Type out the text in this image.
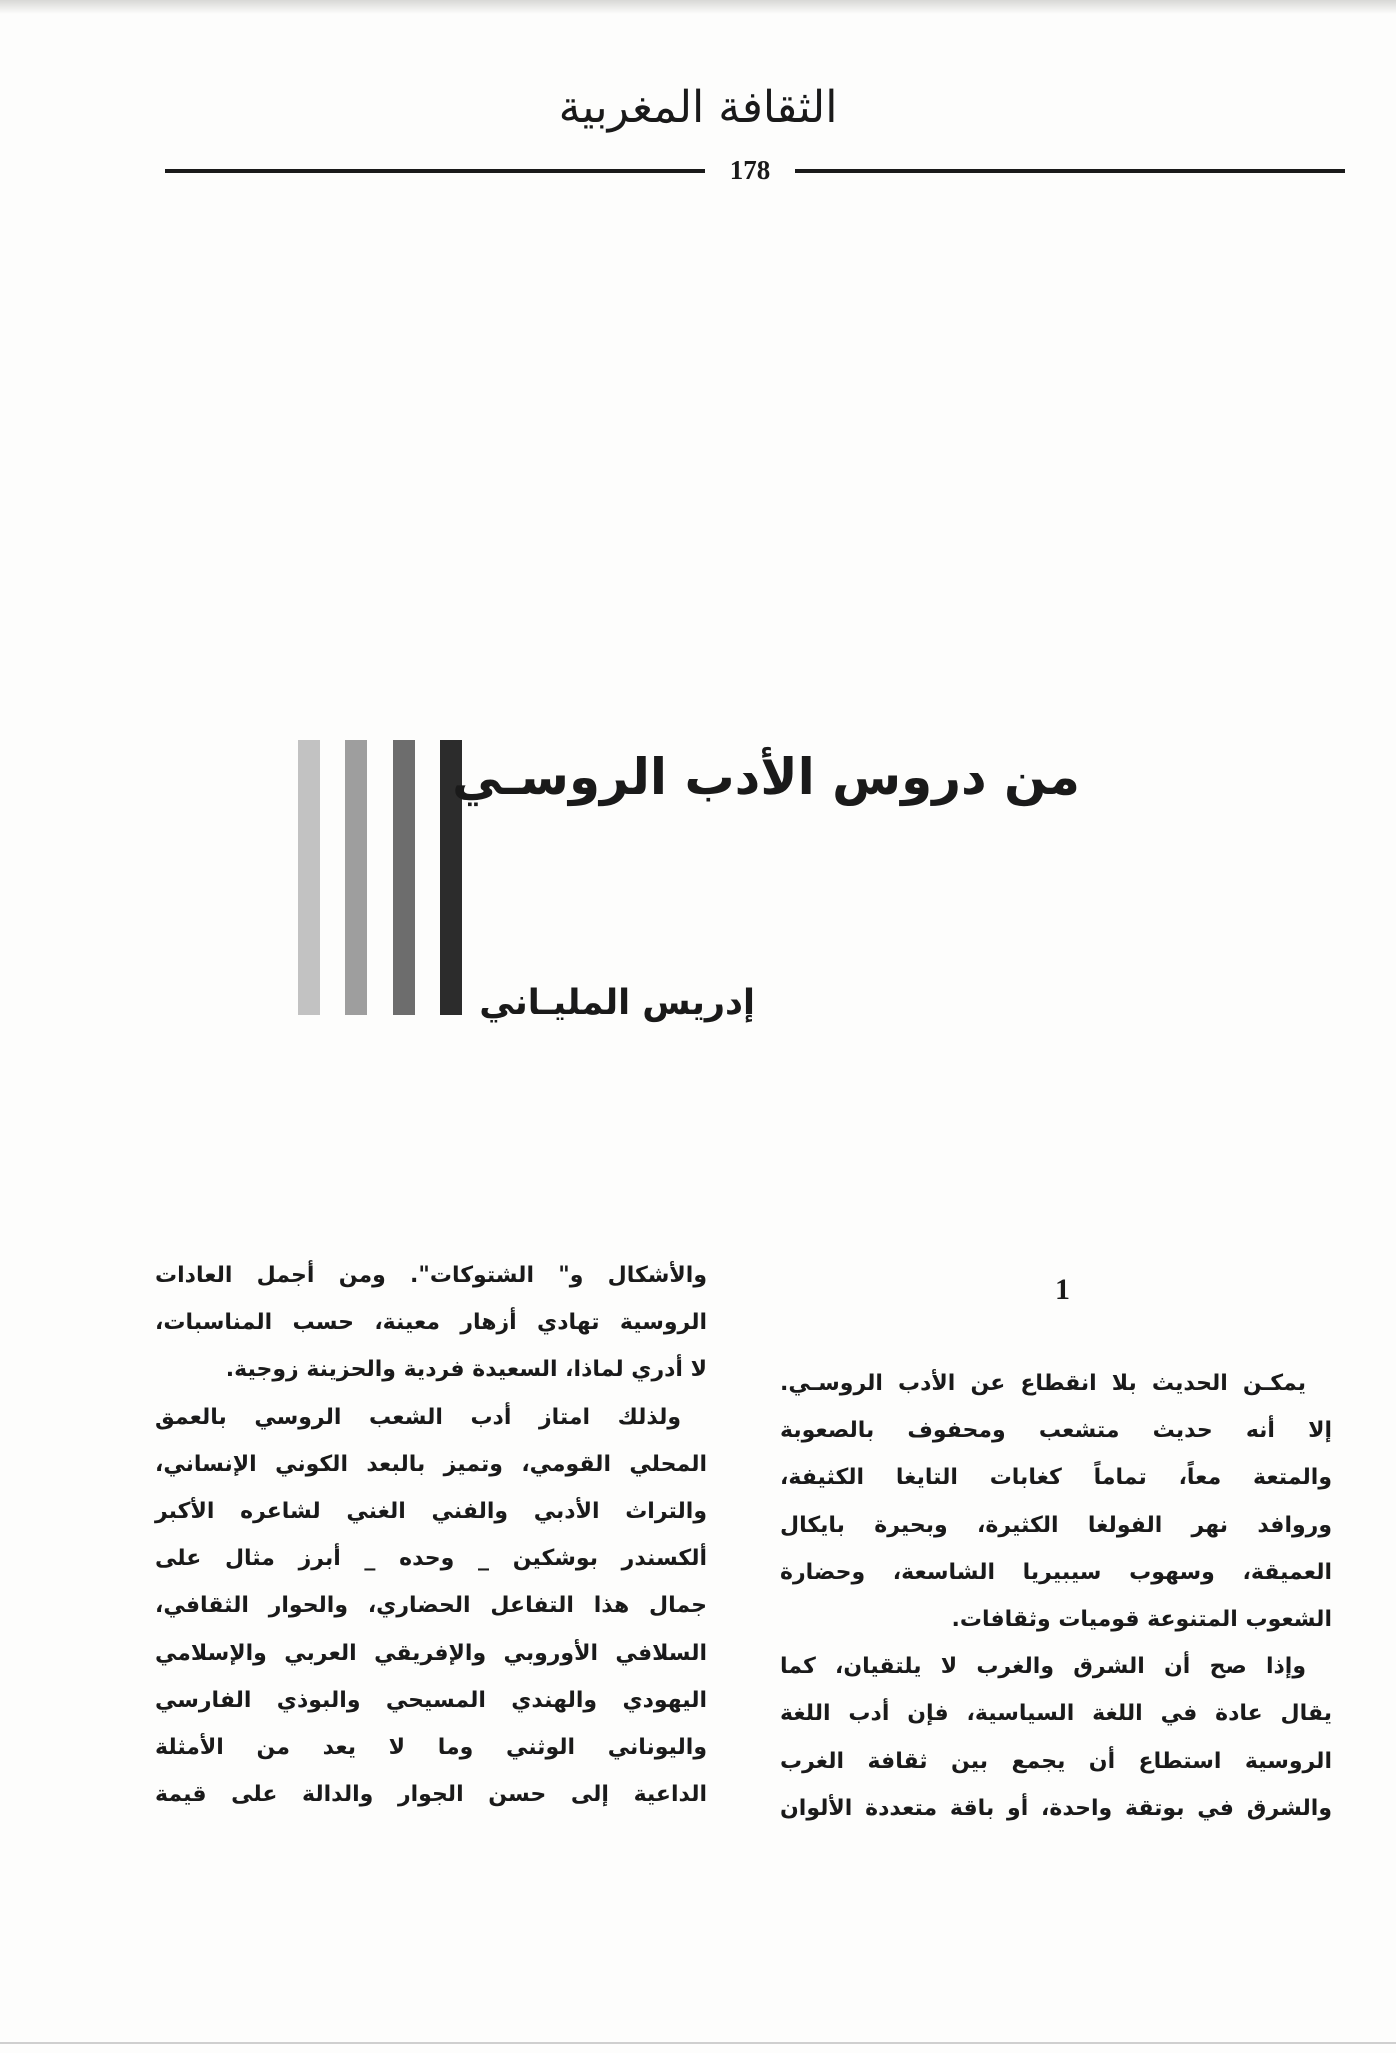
الثقافة المغربية
178
من دروس الأدب الروسـي
إدريس المليـاني
1
يمكـن الحديث بلا انقطاع عن الأدب الروسـي.
إلا أنه حديث متشعب ومحفوف بالصعوبة
والمتعة معاً، تماماً كغابات التايغا الكثيفة،
وروافد نهر الفولغا الكثيرة، وبحيرة بايكال
العميقة، وسهوب سيبيريا الشاسعة، وحضارة
الشعوب المتنوعة قوميات وثقافات.
وإذا صح أن الشرق والغرب لا يلتقيان، كما
يقال عادة في اللغة السياسية، فإن أدب اللغة
الروسية استطاع أن يجمع بين ثقافة الغرب
والشرق في بوتقة واحدة، أو باقة متعددة الألوان
والأشكال و" الشتوكات". ومن أجمل العادات
الروسية تهادي أزهار معينة، حسب المناسبات،
لا أدري لماذا، السعيدة فردية والحزينة زوجية.
ولذلك امتاز أدب الشعب الروسي بالعمق
المحلي القومي، وتميز بالبعد الكوني الإنساني،
والتراث الأدبي والفني الغني لشاعره الأكبر
ألكسندر بوشكين _ وحده _ أبرز مثال على
جمال هذا التفاعل الحضاري، والحوار الثقافي،
السلافي الأوروبي والإفريقي العربي والإسلامي
اليهودي والهندي المسيحي والبوذي الفارسي
واليوناني الوثني وما لا يعد من الأمثلة
الداعية إلى حسن الجوار والدالة على قيمة
